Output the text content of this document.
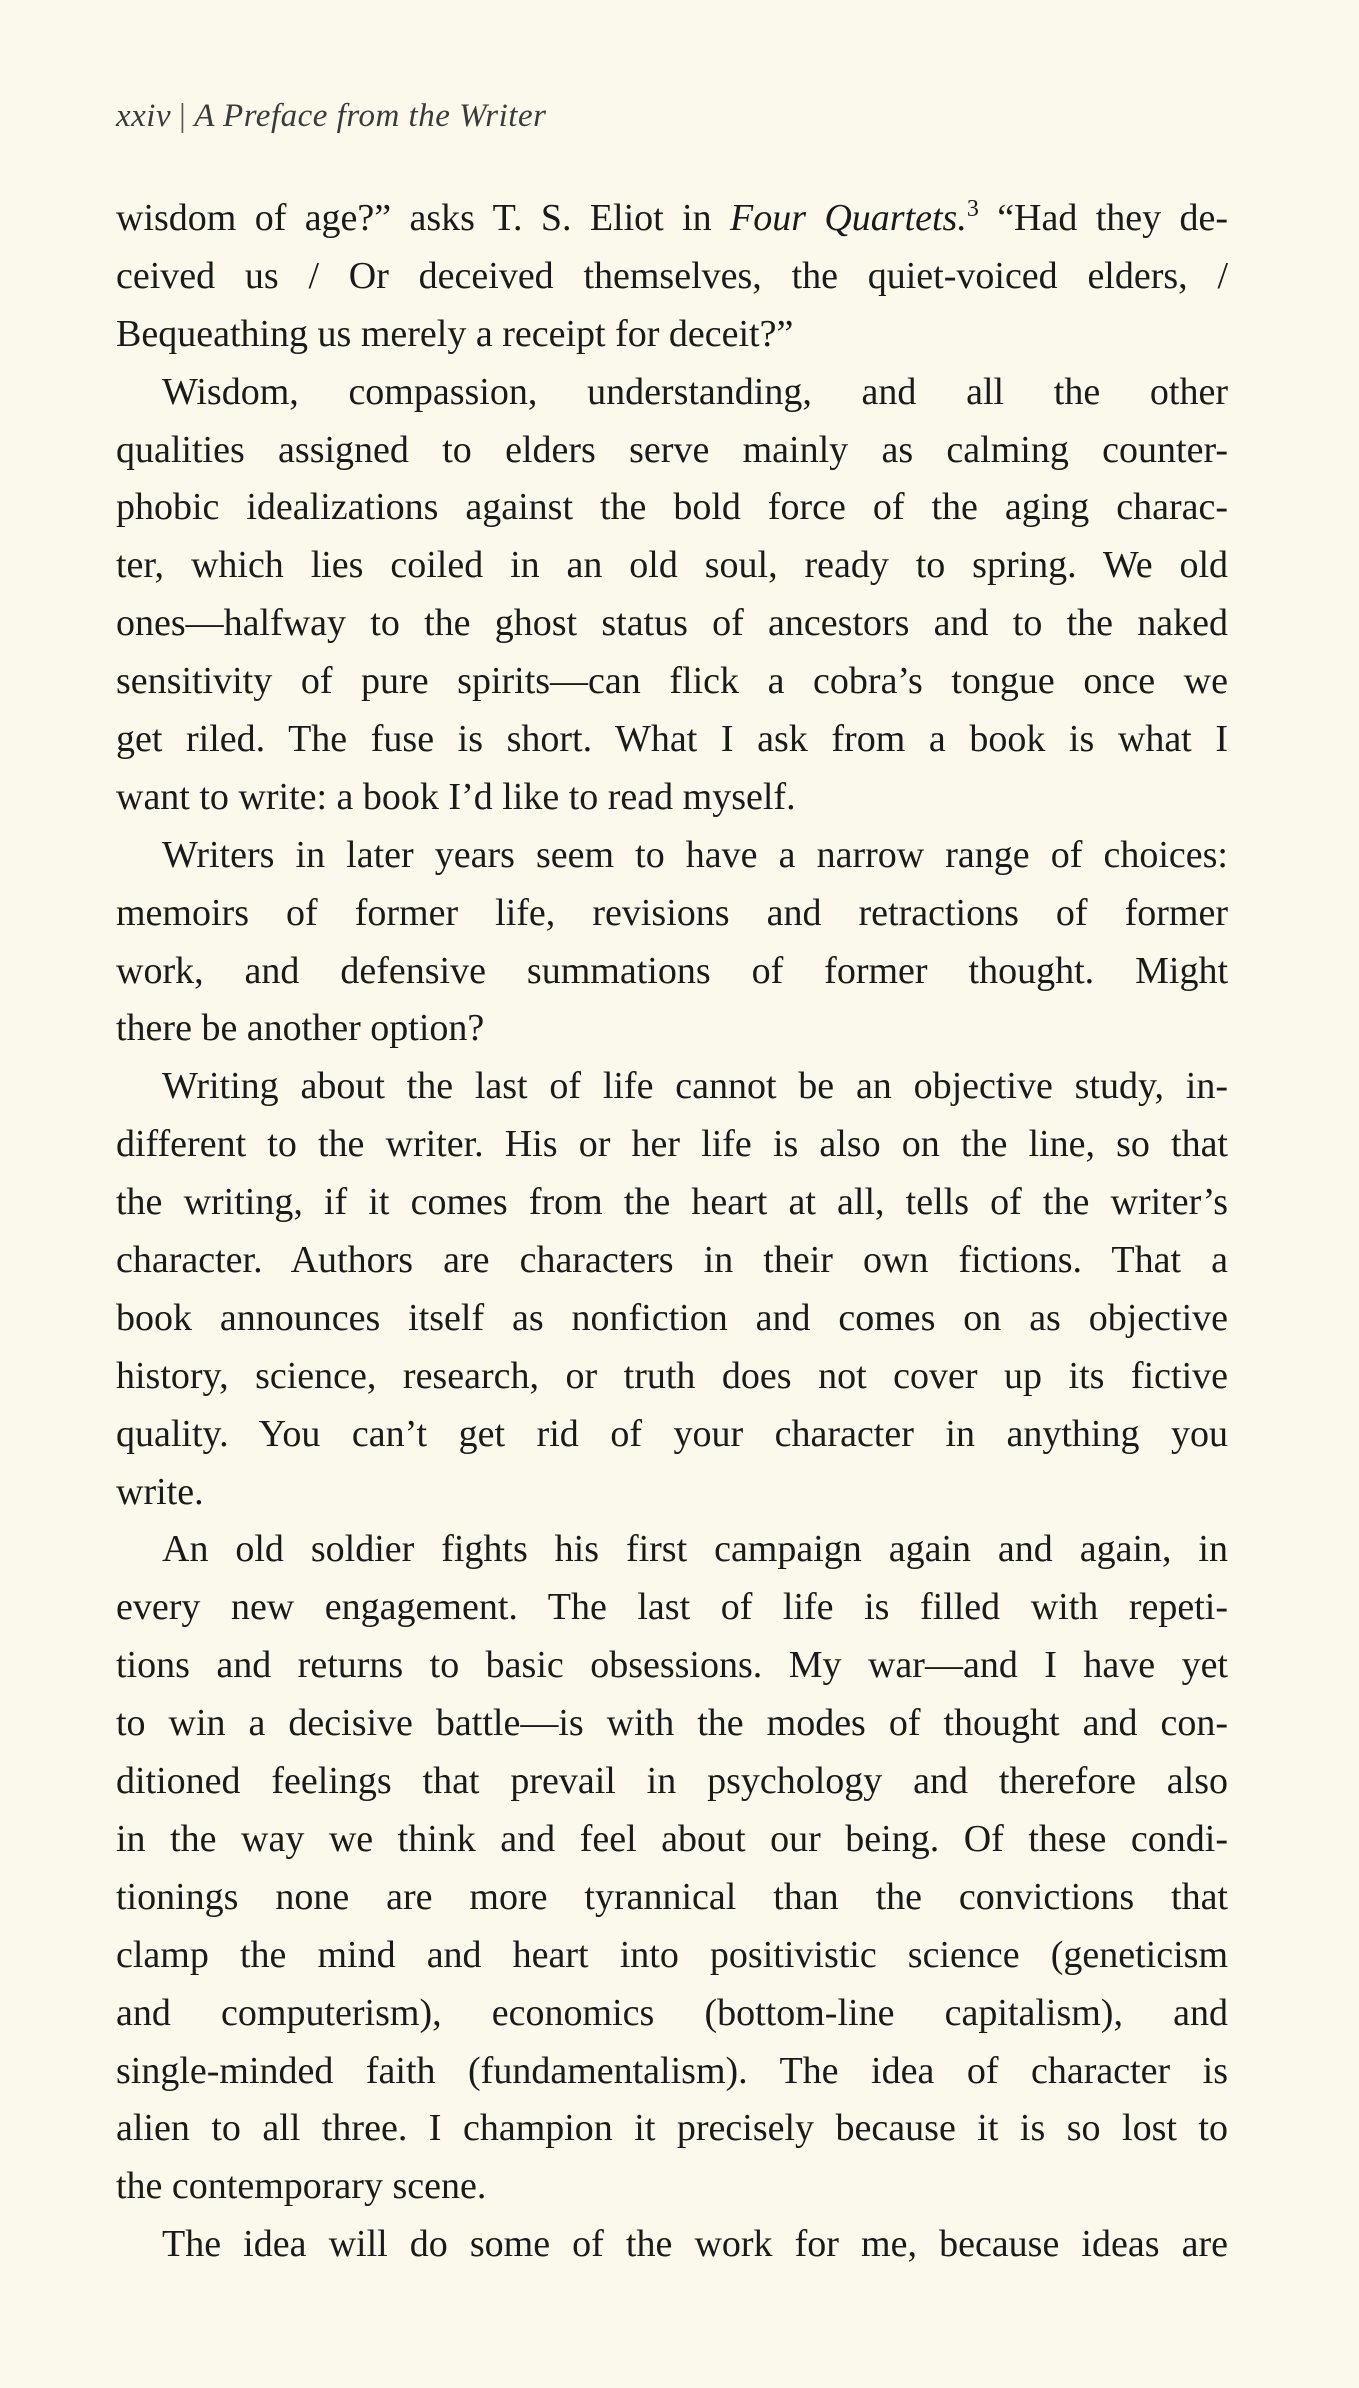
xxiv | A Preface from the Writer
wisdom of age?” asks T. S. Eliot in Four Quartets.$^3$ “Had they de-
ceived us / Or deceived themselves, the quiet-voiced elders, /
Bequeathing us merely a receipt for deceit?”
Wisdom, compassion, understanding, and all the other
qualities assigned to elders serve mainly as calming counter-
phobic idealizations against the bold force of the aging charac-
ter, which lies coiled in an old soul, ready to spring. We old
ones—halfway to the ghost status of ancestors and to the naked
sensitivity of pure spirits—can flick a cobra’s tongue once we
get riled. The fuse is short. What I ask from a book is what I
want to write: a book I’d like to read myself.
Writers in later years seem to have a narrow range of choices:
memoirs of former life, revisions and retractions of former
work, and defensive summations of former thought. Might
there be another option?
Writing about the last of life cannot be an objective study, in-
different to the writer. His or her life is also on the line, so that
the writing, if it comes from the heart at all, tells of the writer’s
character. Authors are characters in their own fictions. That a
book announces itself as nonfiction and comes on as objective
history, science, research, or truth does not cover up its fictive
quality. You can’t get rid of your character in anything you
write.
An old soldier fights his first campaign again and again, in
every new engagement. The last of life is filled with repeti-
tions and returns to basic obsessions. My war—and I have yet
to win a decisive battle—is with the modes of thought and con-
ditioned feelings that prevail in psychology and therefore also
in the way we think and feel about our being. Of these condi-
tionings none are more tyrannical than the convictions that
clamp the mind and heart into positivistic science (geneticism
and computerism), economics (bottom-line capitalism), and
single-minded faith (fundamentalism). The idea of character is
alien to all three. I champion it precisely because it is so lost to
the contemporary scene.
The idea will do some of the work for me, because ideas are
